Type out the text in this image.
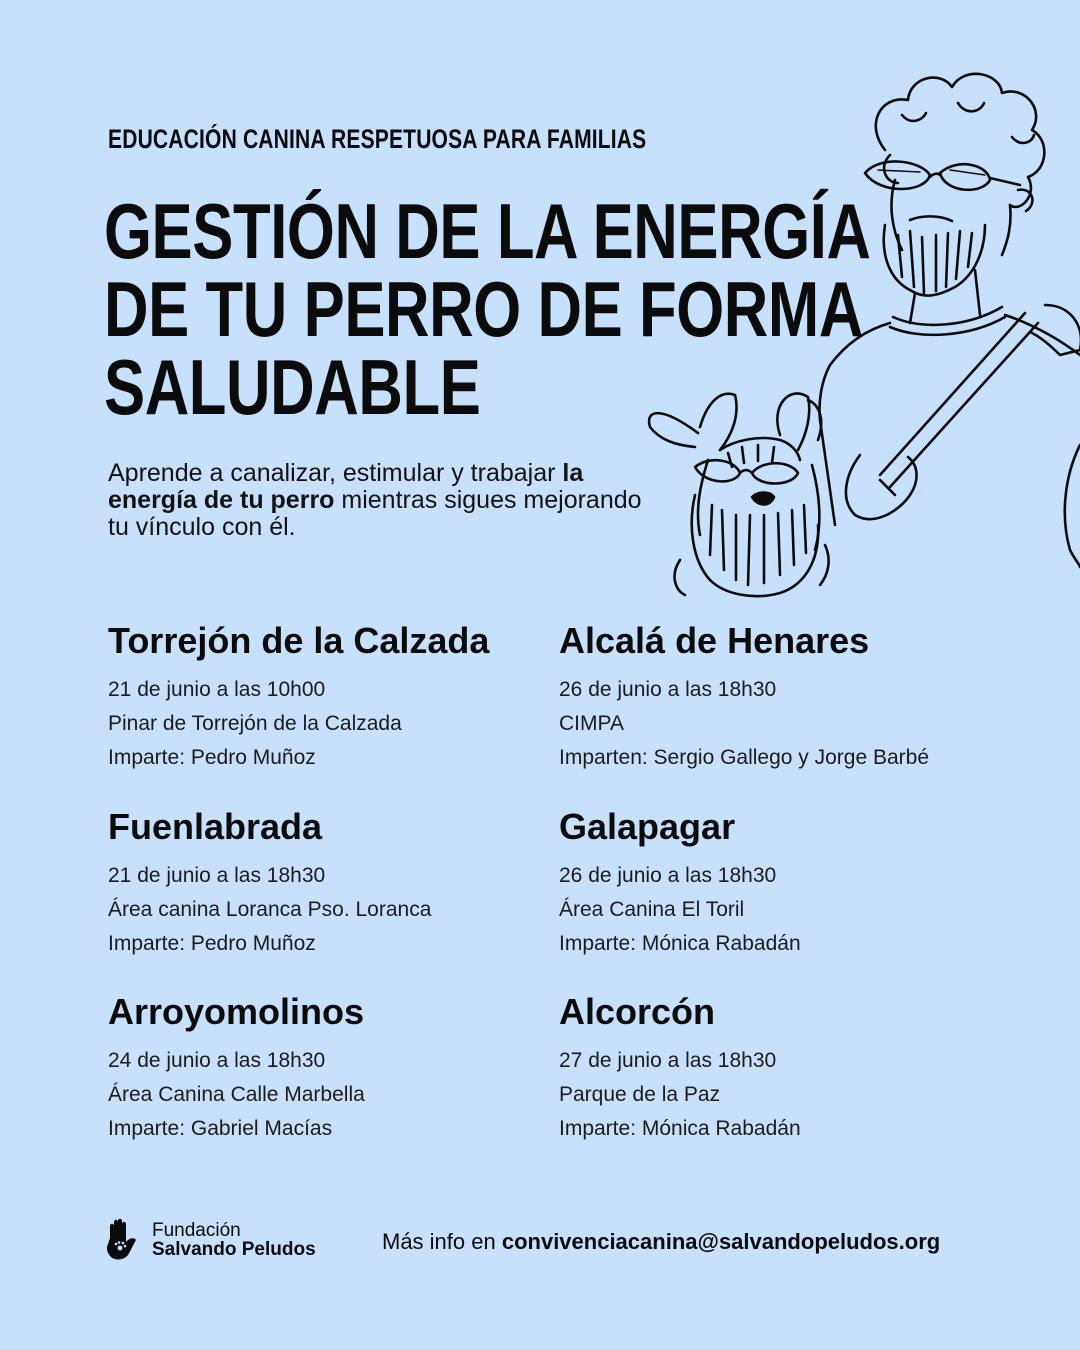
EDUCACIÓN CANINA RESPETUOSA PARA FAMILIAS
GESTIÓN DE LA ENERGÍA
DE TU PERRO DE FORMA
SALUDABLE

Aprende a canalizar, estimular y trabajar la energía de tu perro mientras sigues mejorando tu vínculo con él.

Torrejón de la Calzada

21 de junio a las 10h00

Pinar de Torrejón de la Calzada

Imparte: Pedro Muñoz

Alcalá de Henares

26 de junio a las 18h30

CIMPA

Imparten: Sergio Gallego y Jorge Barbé

Fuenlabrada

21 de junio a las 18h30

Área canina Loranca Pso. Loranca

Imparte: Pedro Muñoz

Galapagar

26 de junio a las 18h30

Área Canina El Toril

Imparte: Mónica Rabadán

Arroyomolinos

24 de junio a las 18h30

Área Canina Calle Marbella

Imparte: Gabriel Macías

Alcorcón

27 de junio a las 18h30

Parque de la Paz

Imparte: Mónica Rabadán

Fundación
Salvando Peludos	Más info en convivenciacanina@salvandopeludos.org
